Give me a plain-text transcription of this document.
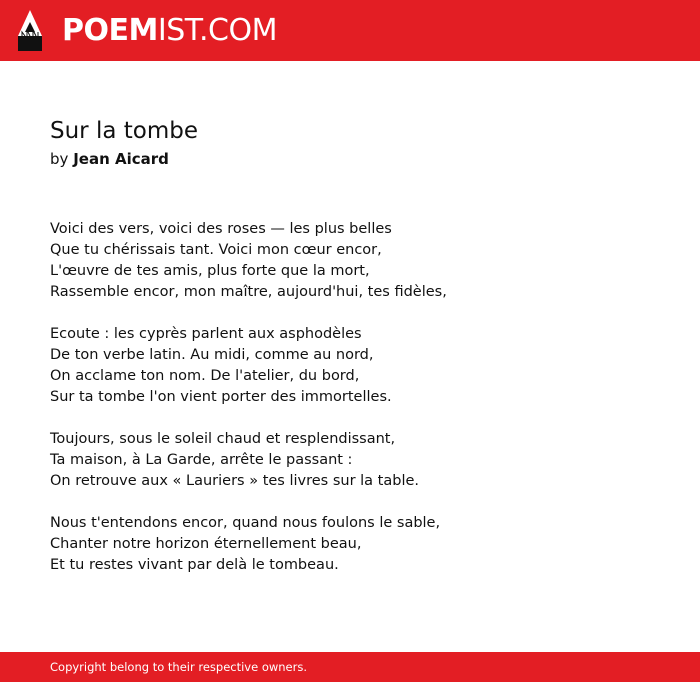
POEMIST.COM
Sur la tombe
by Jean Aicard
Voici des vers, voici des roses — les plus belles
Que tu chérissais tant. Voici mon cœur encor,
L'œuvre de tes amis, plus forte que la mort,
Rassemble encor, mon maître, aujourd'hui, tes fidèles,
Ecoute : les cyprès parlent aux asphodèles
De ton verbe latin. Au midi, comme au nord,
On acclame ton nom. De l'atelier, du bord,
Sur ta tombe l'on vient porter des immortelles.
Toujours, sous le soleil chaud et resplendissant,
Ta maison, à La Garde, arrête le passant :
On retrouve aux « Lauriers » tes livres sur la table.
Nous t'entendons encor, quand nous foulons le sable,
Chanter notre horizon éternellement beau,
Et tu restes vivant par delà le tombeau.
Copyright belong to their respective owners.
